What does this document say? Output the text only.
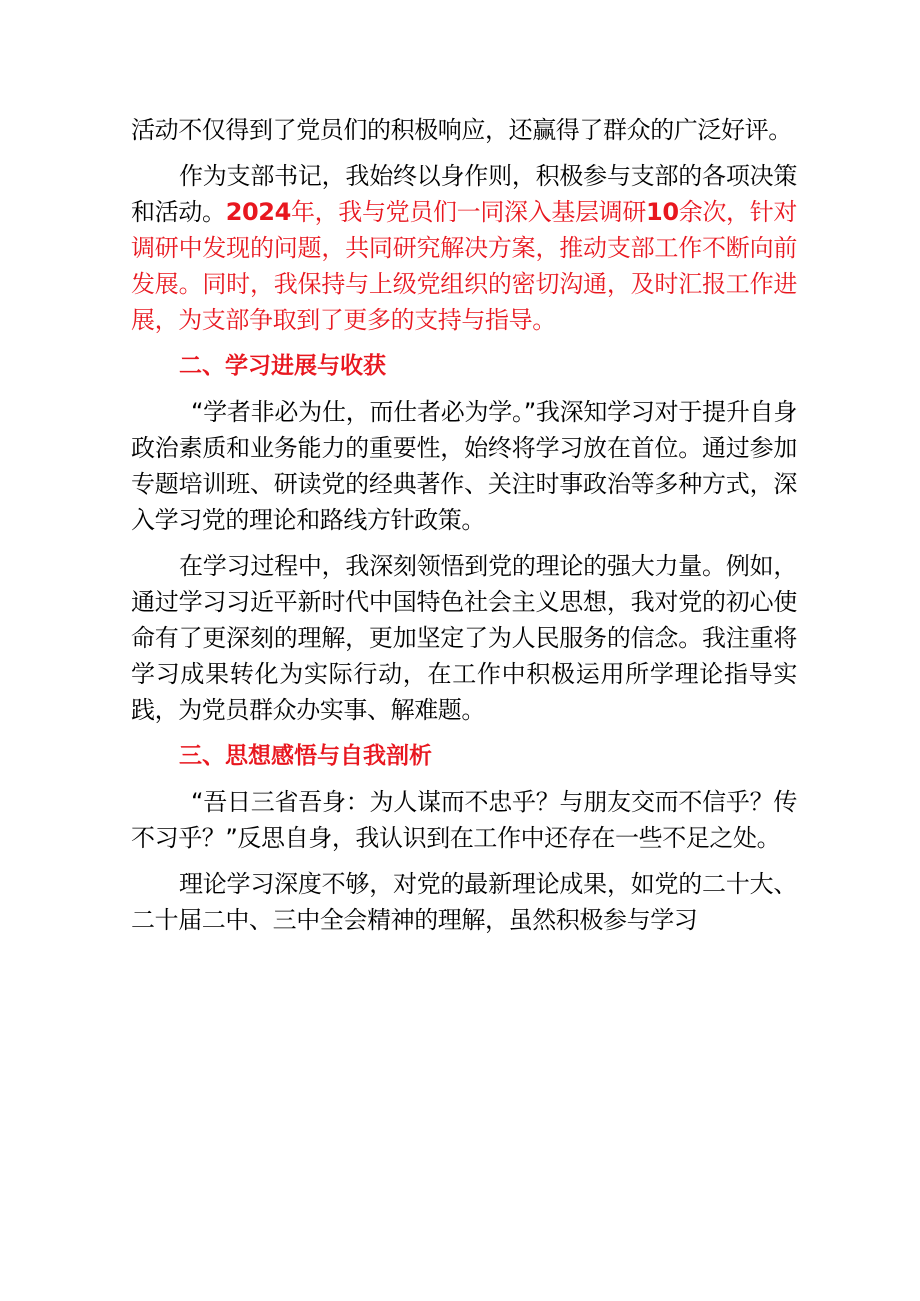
活动不仅得到了党员们的积极响应，还赢得了群众的广泛好评。

作为支部书记，我始终以身作则，积极参与支部的各项决策和活动。2024年，我与党员们一同深入基层调研10余次，针对调研中发现的问题，共同研究解决方案，推动支部工作不断向前发展。同时，我保持与上级党组织的密切沟通，及时汇报工作进展，为支部争取到了更多的支持与指导。

二、学习进展与收获

“学者非必为仕，而仕者必为学。”我深知学习对于提升自身政治素质和业务能力的重要性，始终将学习放在首位。通过参加专题培训班、研读党的经典著作、关注时事政治等多种方式，深入学习党的理论和路线方针政策。

在学习过程中，我深刻领悟到党的理论的强大力量。例如，通过学习习近平新时代中国特色社会主义思想，我对党的初心使命有了更深刻的理解，更加坚定了为人民服务的信念。我注重将学习成果转化为实际行动，在工作中积极运用所学理论指导实践，为党员群众办实事、解难题。

三、思想感悟与自我剖析

“吾日三省吾身：为人谋而不忠乎？与朋友交而不信乎？传不习乎？”反思自身，我认识到在工作中还存在一些不足之处。

理论学习深度不够，对党的最新理论成果，如党的二十大、二十届二中、三中全会精神的理解，虽然积极参与学习
